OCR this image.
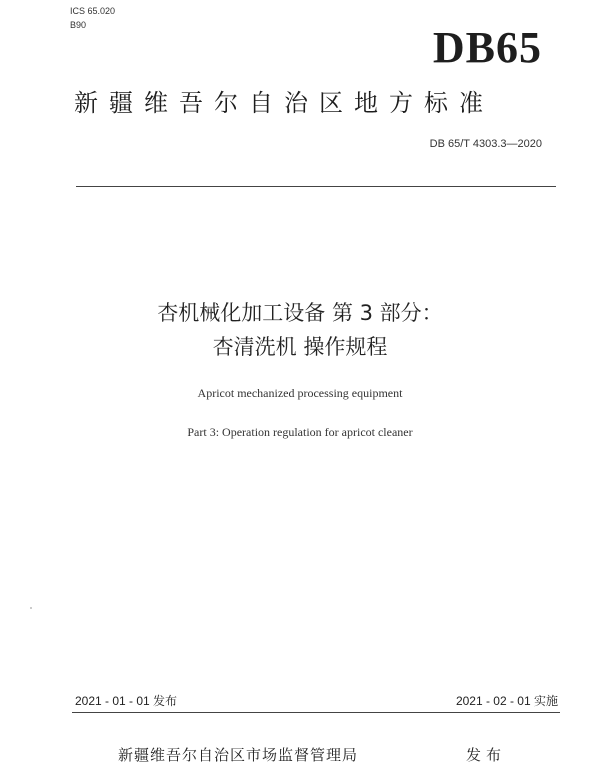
ICS 65.020
B90	DB65
新疆维吾尔自治区地方标准
DB 65/T 4303.3—2020
杏机械化加工设备 第 3 部分：
杏清洗机 操作规程
Apricot mechanized processing equipment
Part 3: Operation regulation for apricot cleaner
2021 - 01 - 01 发布	2021 - 02 - 01 实施
新疆维吾尔自治区市场监督管理局	发布
